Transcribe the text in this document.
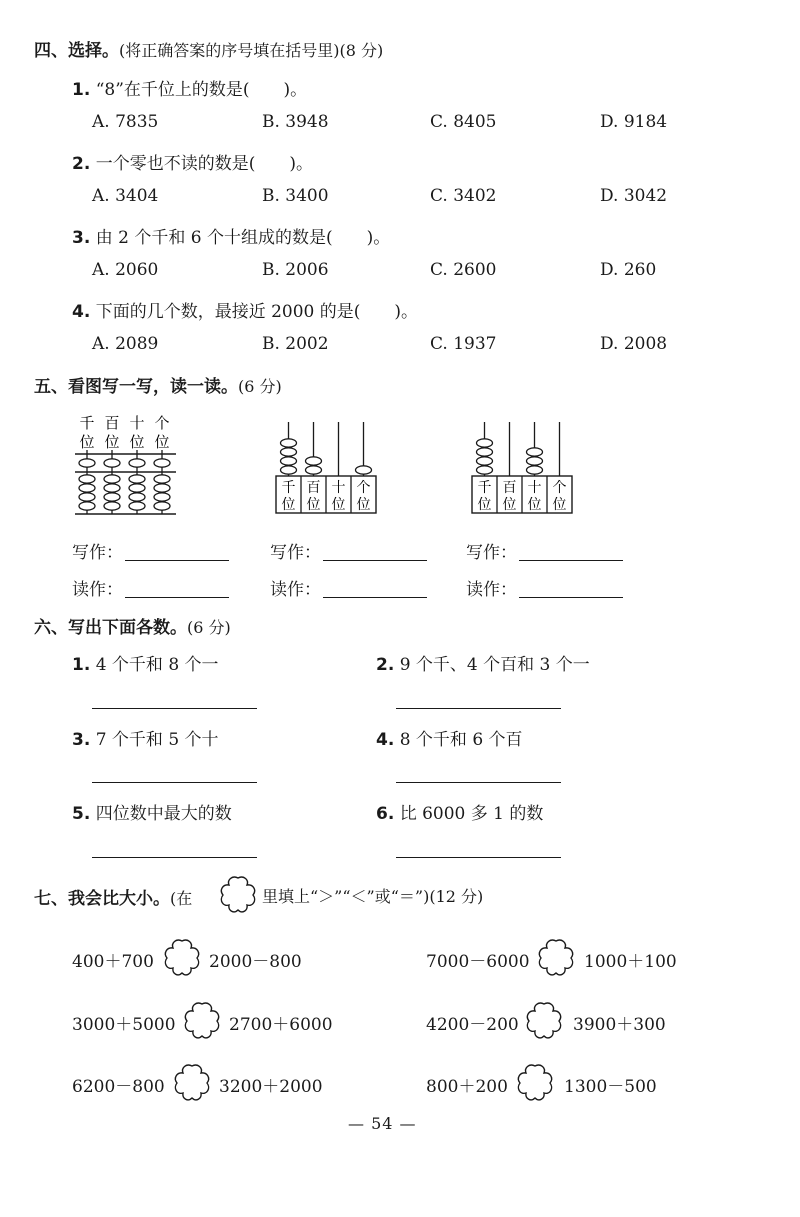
四、选择。(将正确答案的序号填在括号里)(8 分)
1. “8”在千位上的数是(　　)。
A. 7835	B. 3948	C. 8405	D. 9184
2. 一个零也不读的数是(　　)。
A. 3404	B. 3400	C. 3402	D. 3042
3. 由 2 个千和 6 个十组成的数是(　　)。
A. 2060	B. 2006	C. 2600	D. 260
4. 下面的几个数，最接近 2000 的是(　　)。
A. 2089	B. 2002	C. 1937	D. 2008
五、看图写一写，读一读。(6 分)
千
位
百
位
十
位
个
位
千
位
百
位
十
位
个
位
千
位
百
位
十
位
个
位
写作：	写作：	写作：
读作：	读作：	读作：
六、写出下面各数。(6 分)
1. 4 个千和 8 个一	2. 9 个千、4 个百和 3 个一
3. 7 个千和 5 个十	4. 8 个千和 6 个百
5. 四位数中最大的数	6. 比 6000 多 1 的数
七、我会比大小。(在	里填上“＞”“＜”或“＝”)(12 分)
400＋700	2000－800	7000－6000	1000＋100
3000＋5000	2700＋6000	4200－200	3900＋300
6200－800	3200＋2000	800＋200	1300－500
— 54 —
